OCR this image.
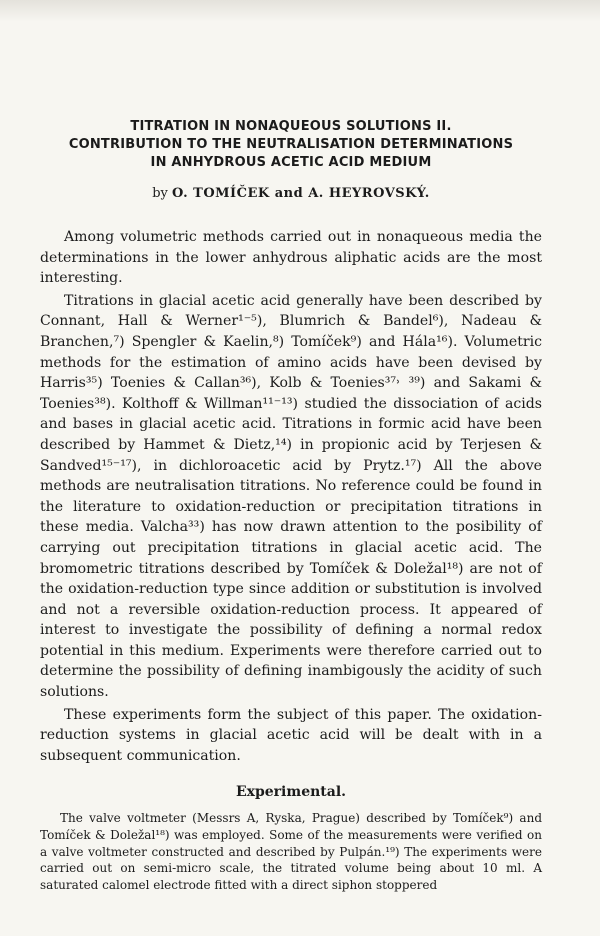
TITRATION IN NONAQUEOUS SOLUTIONS II.

CONTRIBUTION TO THE NEUTRALISATION DETERMINATIONS

IN ANHYDROUS ACETIC ACID MEDIUM

by O. TOMÍČEK and A. HEYROVSKÝ.

Among volumetric methods carried out in nonaqueous media the determinations in the lower anhydrous aliphatic acids are the most interesting.

Titrations in glacial acetic acid generally have been described by Connant, Hall & Werner¹⁻⁵), Blumrich & Bandel⁶), Nadeau & Branchen,⁷) Spengler & Kaelin,⁸) Tomíček⁹) and Hála¹⁶). Volumetric methods for the estimation of amino acids have been devised by Harris³⁵) Toenies & Callan³⁶), Kolb & Toenies³⁷˒ ³⁹) and Sakami & Toenies³⁸). Kolthoff & Willman¹¹⁻¹³) studied the dissociation of acids and bases in glacial acetic acid. Titrations in formic acid have been described by Hammet & Dietz,¹⁴) in propionic acid by Terjesen & Sandved¹⁵⁻¹⁷), in dichloroacetic acid by Prytz.¹⁷) All the above methods are neutralisation titrations. No reference could be found in the literature to oxidation-reduction or precipitation titrations in these media. Valcha³³) has now drawn attention to the posibility of carrying out precipitation titrations in glacial acetic acid. The bromometric titrations described by Tomíček & Doležal¹⁸) are not of the oxidation-reduction type since addition or substitution is involved and not a reversible oxidation-reduction process. It appeared of interest to investigate the possibility of defining a normal redox potential in this medium. Experiments were therefore carried out to determine the possibility of defining inambigously the acidity of such solutions.

These experiments form the subject of this paper. The oxidation-reduction systems in glacial acetic acid will be dealt with in a subsequent communication.

Experimental.

The valve voltmeter (Messrs A, Ryska, Prague) described by Tomíček⁹) and Tomíček & Doležal¹⁸) was employed. Some of the measurements were verified on a valve voltmeter constructed and described by Pulpán.¹⁹) The experiments were carried out on semi-micro scale, the titrated volume being about 10 ml. A saturated calomel electrode fitted with a direct siphon stoppered
